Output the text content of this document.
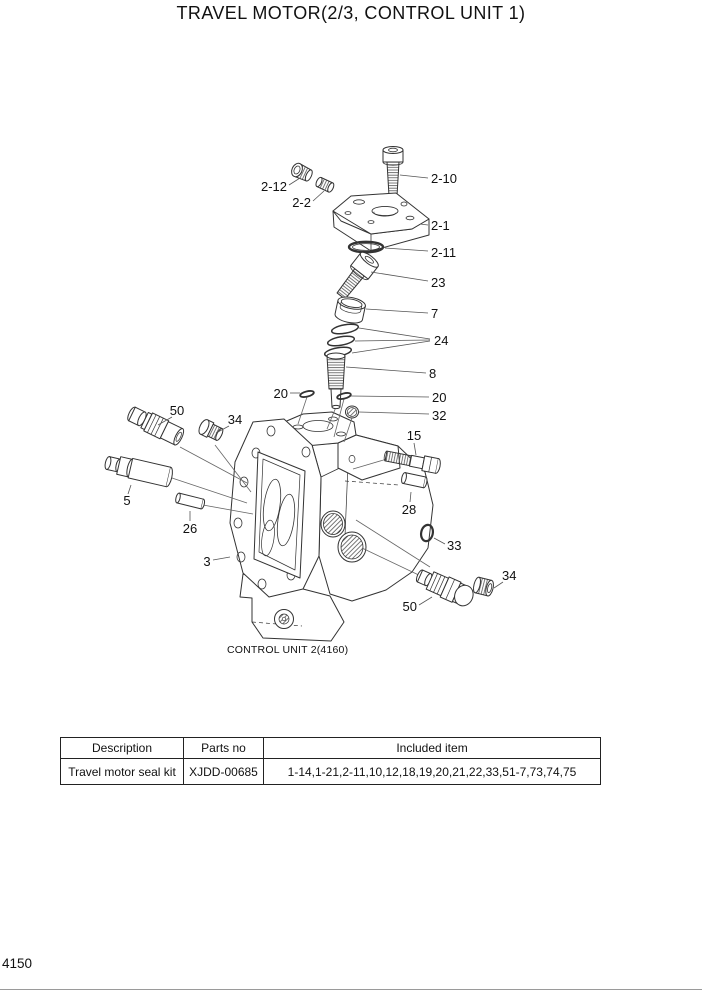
TRAVEL MOTOR(2/3, CONTROL UNIT 1)
2-10
2-12
2-2
2-1
2-11
23
7
24
8
20	20
32
50
34
5
26
3
15
28
33
34
50
CONTROL UNIT 2(4160)
Description	Parts no	Included item
Travel motor seal kit	XJDD-00685	1-14,1-21,2-11,10,12,18,19,20,21,22,33,51-7,73,74,75
4150
